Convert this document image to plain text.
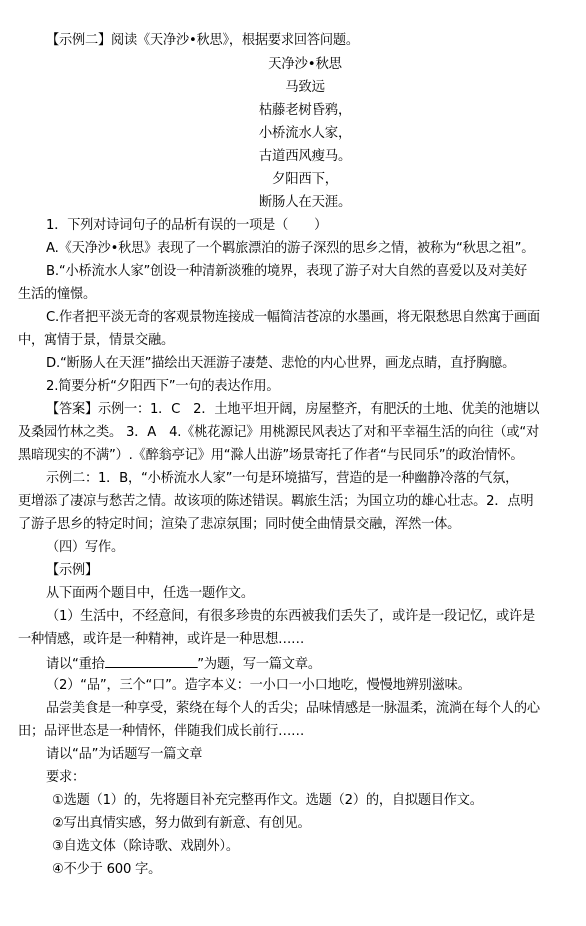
【示例二】阅读《天净沙•秋思》，根据要求回答问题。
天净沙•秋思
马致远
枯藤老树昏鸦，
小桥流水人家，
古道西风瘦马。
夕阳西下，
断肠人在天涯。
1．下列对诗词句子的品析有误的一项是（　　）
A.《天净沙•秋思》表现了一个羁旅漂泊的游子深烈的思乡之情，被称为“秋思之祖”。
B.“小桥流水人家”创设一种清新淡雅的境界，表现了游子对大自然的喜爱以及对美好
生活的憧憬。
C.作者把平淡无奇的客观景物连接成一幅简洁苍凉的水墨画，将无限愁思自然寓于画面
中，寓情于景，情景交融。
D.“断肠人在天涯”描绘出天涯游子凄楚、悲怆的内心世界，画龙点睛，直抒胸臆。
2.简要分析“夕阳西下”一句的表达作用。
【答案】示例一：1．C　2．土地平坦开阔，房屋整齐，有肥沃的土地、优美的池塘以
及桑园竹林之类。 3．A　4.《桃花源记》用桃源民风表达了对和平幸福生活的向往（或“对
黑暗现实的不满”）.《醉翁亭记》用“滁人出游”场景寄托了作者“与民同乐”的政治情怀。
示例二：1．B，“小桥流水人家”一句是环境描写，营造的是一种幽静冷落的气氛，
更增添了凄凉与愁苦之情。故该项的陈述错误。羁旅生活；为国立功的雄心壮志。2．点明
了游子思乡的特定时间；渲染了悲凉氛围；同时使全曲情景交融，浑然一体。
（四）写作。
【示例】
从下面两个题目中，任选一题作文。
（1）生活中，不经意间，有很多珍贵的东西被我们丢失了，或许是一段记忆，或许是
一种情感，或许是一种精神，或许是一种思想……
请以“重拾	”为题，写一篇文章。
（2）“品”，三个“口”。造字本义：一小口一小口地吃，慢慢地辨别滋味。
品尝美食是一种享受，萦绕在每个人的舌尖；品味情感是一脉温柔，流淌在每个人的心
田；品评世态是一种情怀，伴随我们成长前行……
请以“品”为话题写一篇文章
要求：
①选题（1）的，先将题目补充完整再作文。选题（2）的，自拟题目作文。
②写出真情实感，努力做到有新意、有创见。
③自选文体（除诗歌、戏剧外）。
④不少于 600 字。
